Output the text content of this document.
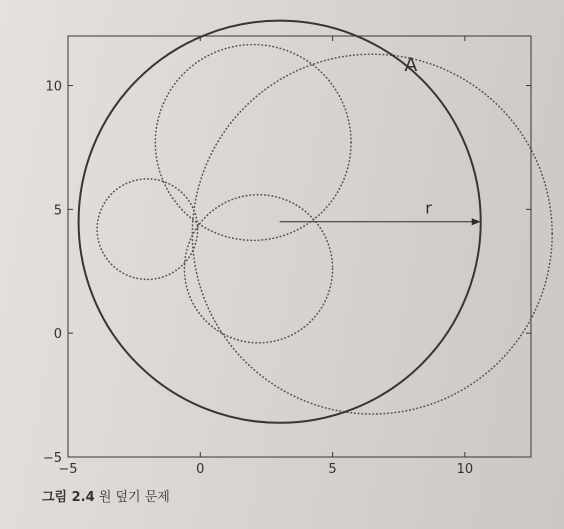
A
r
−5	0	5	10
−5
0
5
10
그림 2.4 원 덮기 문제
